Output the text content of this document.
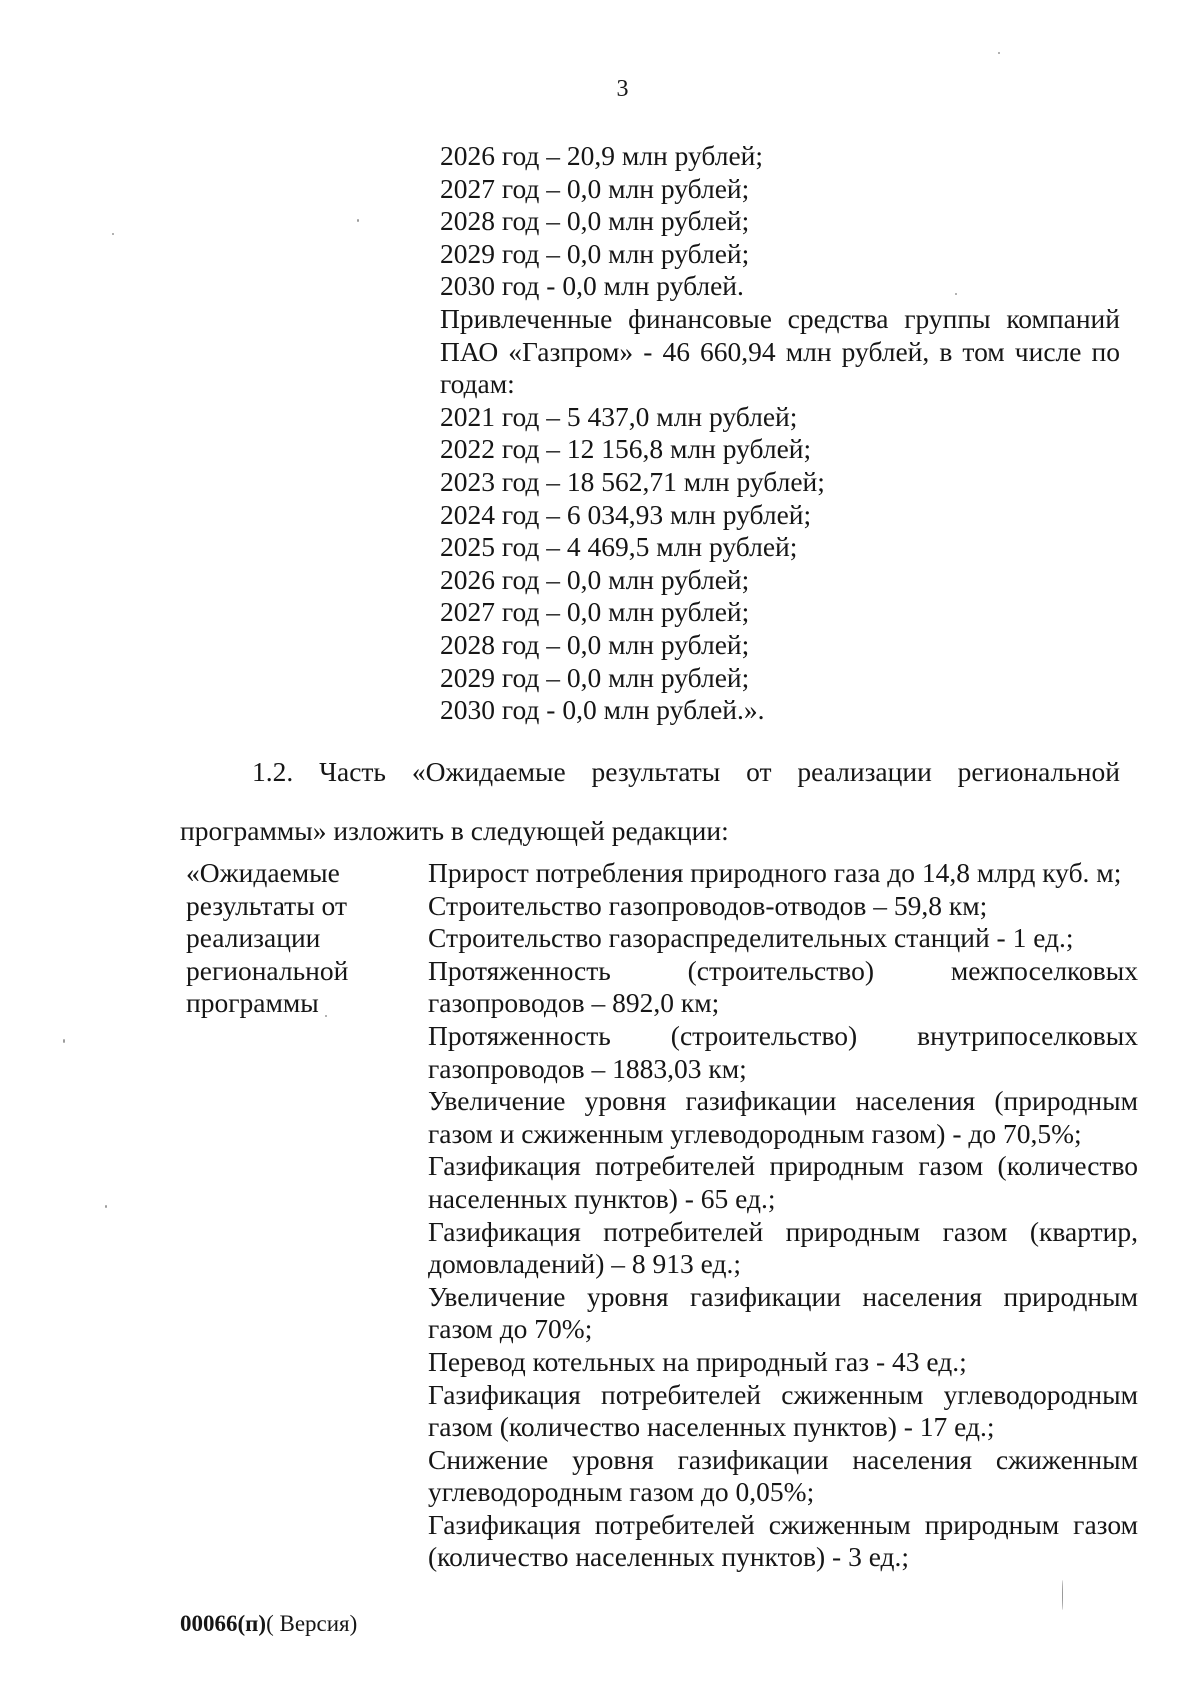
3
2026 год – 20,9 млн рублей;
2027 год – 0,0 млн рублей;
2028 год – 0,0 млн рублей;
2029 год – 0,0 млн рублей;
2030 год - 0,0 млн рублей.
Привлеченные финансовые средства группы компаний ПАО «Газпром» - 46 660,94 млн рублей, в том числе по годам:
2021 год – 5 437,0 млн рублей;
2022 год – 12 156,8 млн рублей;
2023 год – 18 562,71 млн рублей;
2024 год – 6 034,93 млн рублей;
2025 год – 4 469,5 млн рублей;
2026 год – 0,0 млн рублей;
2027 год – 0,0 млн рублей;
2028 год – 0,0 млн рублей;
2029 год – 0,0 млн рублей;
2030 год - 0,0 млн рублей.».
1.2. Часть «Ожидаемые результаты от реализации региональной
программы» изложить в следующей редакции:
«Ожидаемые
результаты от
реализации
региональной
программы
Прирост потребления природного газа до 14,8 млрд куб. м;
Строительство газопроводов-отводов – 59,8 км;
Строительство газораспределительных станций - 1 ед.;
Протяженность (строительство) межпоселковых газопроводов – 892,0 км;
Протяженность (строительство) внутрипоселковых газопроводов – 1883,03 км;
Увеличение уровня газификации населения (природным газом и сжиженным углеводородным газом) - до 70,5%;
Газификация потребителей природным газом (количество населенных пунктов) - 65 ед.;
Газификация потребителей природным газом (квартир, домовладений) – 8 913 ед.;
Увеличение уровня газификации населения природным газом до 70%;
Перевод котельных на природный газ - 43 ед.;
Газификация потребителей сжиженным углеводородным газом (количество населенных пунктов) - 17 ед.;
Снижение уровня газификации населения сжиженным углеводородным газом до 0,05%;
Газификация потребителей сжиженным природным газом (количество населенных пунктов) - 3 ед.;
00066(п)( Версия)
